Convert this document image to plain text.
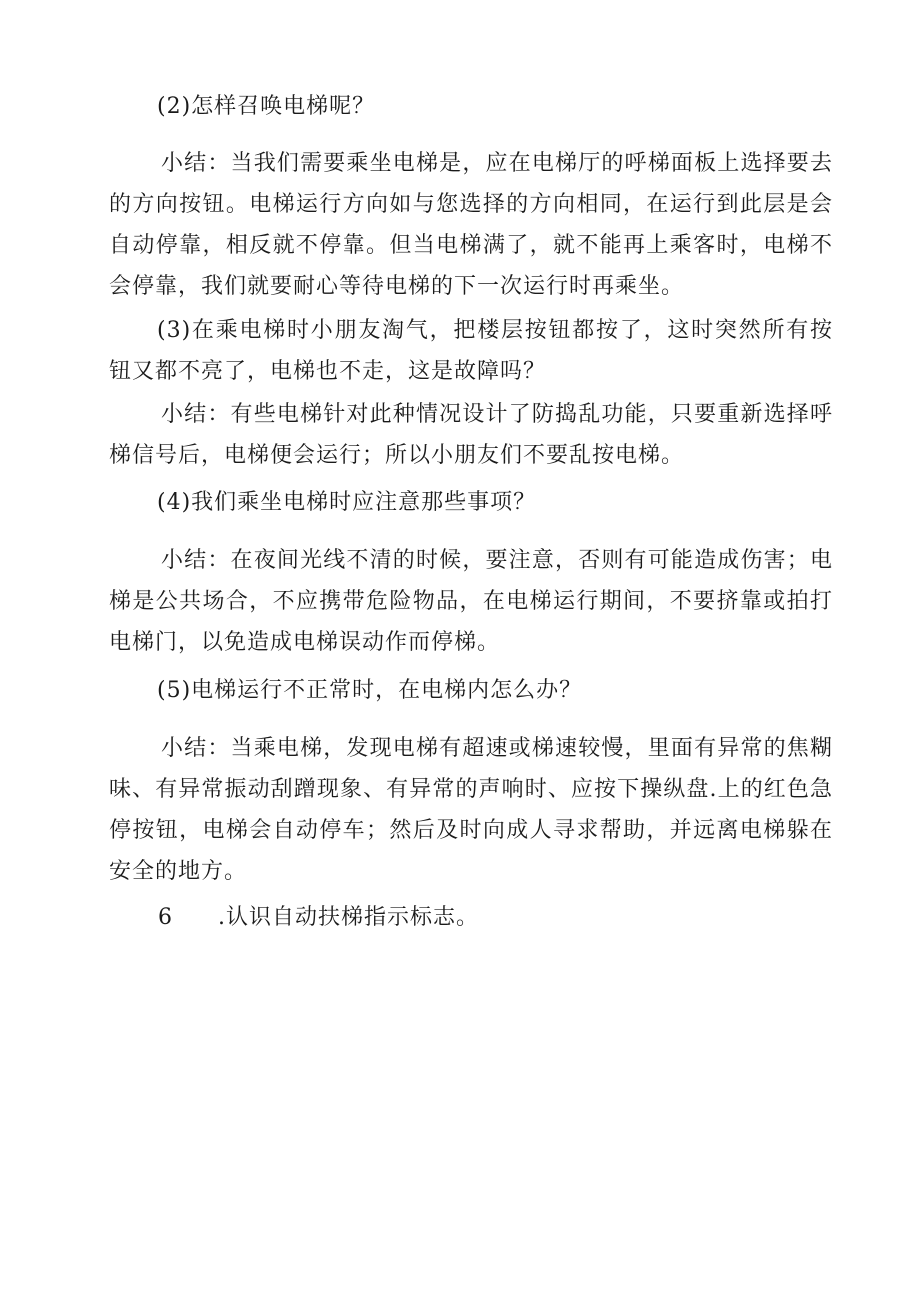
(2)怎样召唤电梯呢？

小结：当我们需要乘坐电梯是，应在电梯厅的呼梯面板上选择要去的方向按钮。电梯运行方向如与您选择的方向相同，在运行到此层是会自动停靠，相反就不停靠。但当电梯满了，就不能再上乘客时，电梯不会停靠，我们就要耐心等待电梯的下一次运行时再乘坐。

(3)在乘电梯时小朋友淘气，把楼层按钮都按了，这时突然所有按钮又都不亮了，电梯也不走，这是故障吗？

小结：有些电梯针对此种情况设计了防捣乱功能，只要重新选择呼梯信号后，电梯便会运行；所以小朋友们不要乱按电梯。

(4)我们乘坐电梯时应注意那些事项？

小结：在夜间光线不清的时候，要注意，否则有可能造成伤害；电梯是公共场合，不应携带危险物品，在电梯运行期间，不要挤靠或拍打电梯门，以免造成电梯误动作而停梯。

(5)电梯运行不正常时，在电梯内怎么办？

小结：当乘电梯，发现电梯有超速或梯速较慢，里面有异常的焦糊味、有异常振动刮蹭现象、有异常的声响时、应按下操纵盘.上的红色急停按钮，电梯会自动停车；然后及时向成人寻求帮助，并远离电梯躲在安全的地方。

6 .认识自动扶梯指示标志。
